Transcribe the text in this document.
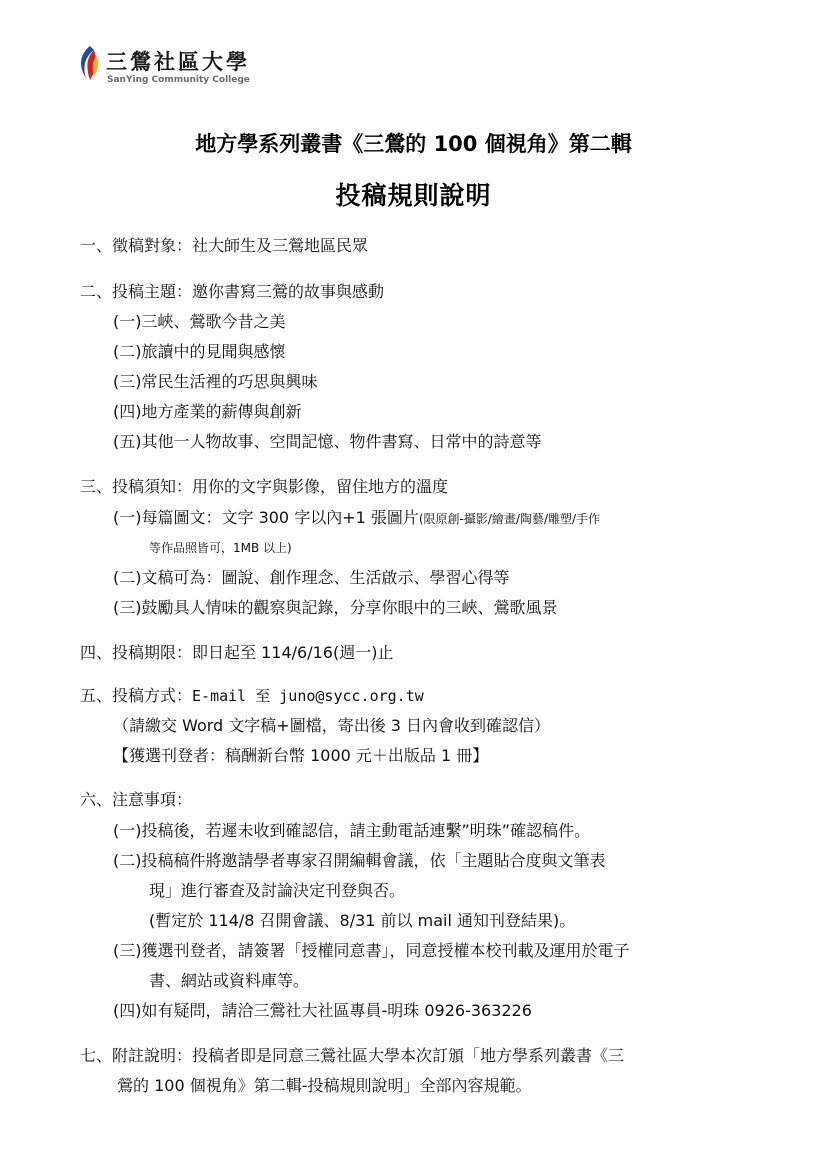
三鶯社區大學
SanYing Community College
地方學系列叢書《三鶯的 100 個視角》第二輯
投稿規則說明
一、徵稿對象：社大師生及三鶯地區民眾
二、投稿主題：邀你書寫三鶯的故事與感動
(一)三峽、鶯歌今昔之美
(二)旅讀中的見聞與感懷
(三)常民生活裡的巧思與興味
(四)地方產業的薪傳與創新
(五)其他一人物故事、空間記憶、物件書寫、日常中的詩意等
三、投稿須知：用你的文字與影像，留住地方的溫度
(一)每篇圖文：文字 300 字以內+1 張圖片(限原創-攝影/繪畫/陶藝/雕塑/手作
等作品照皆可，1MB 以上)
(二)文稿可為：圖說、創作理念、生活啟示、學習心得等
(三)鼓勵具人情味的觀察與記錄，分享你眼中的三峽、鶯歌風景
四、投稿期限：即日起至 114/6/16(週一)止
五、投稿方式：E-mail 至 juno@sycc.org.tw
（請繳交 Word 文字稿+圖檔，寄出後 3 日內會收到確認信）
【獲選刊登者：稿酬新台幣 1000 元＋出版品 1 冊】
六、注意事項：
(一)投稿後，若遲未收到確認信，請主動電話連繫”明珠”確認稿件。
(二)投稿稿件將邀請學者專家召開編輯會議，依「主題貼合度與文筆表
現」進行審查及討論決定刊登與否。
(暫定於 114/8 召開會議、8/31 前以 mail 通知刊登結果)。
(三)獲選刊登者，請簽署「授權同意書」，同意授權本校刊載及運用於電子
書、網站或資料庫等。
(四)如有疑問，請洽三鶯社大社區專員-明珠 0926-363226
七、附註說明：投稿者即是同意三鶯社區大學本次訂頒「地方學系列叢書《三
鶯的 100 個視角》第二輯-投稿規則說明」全部內容規範。
